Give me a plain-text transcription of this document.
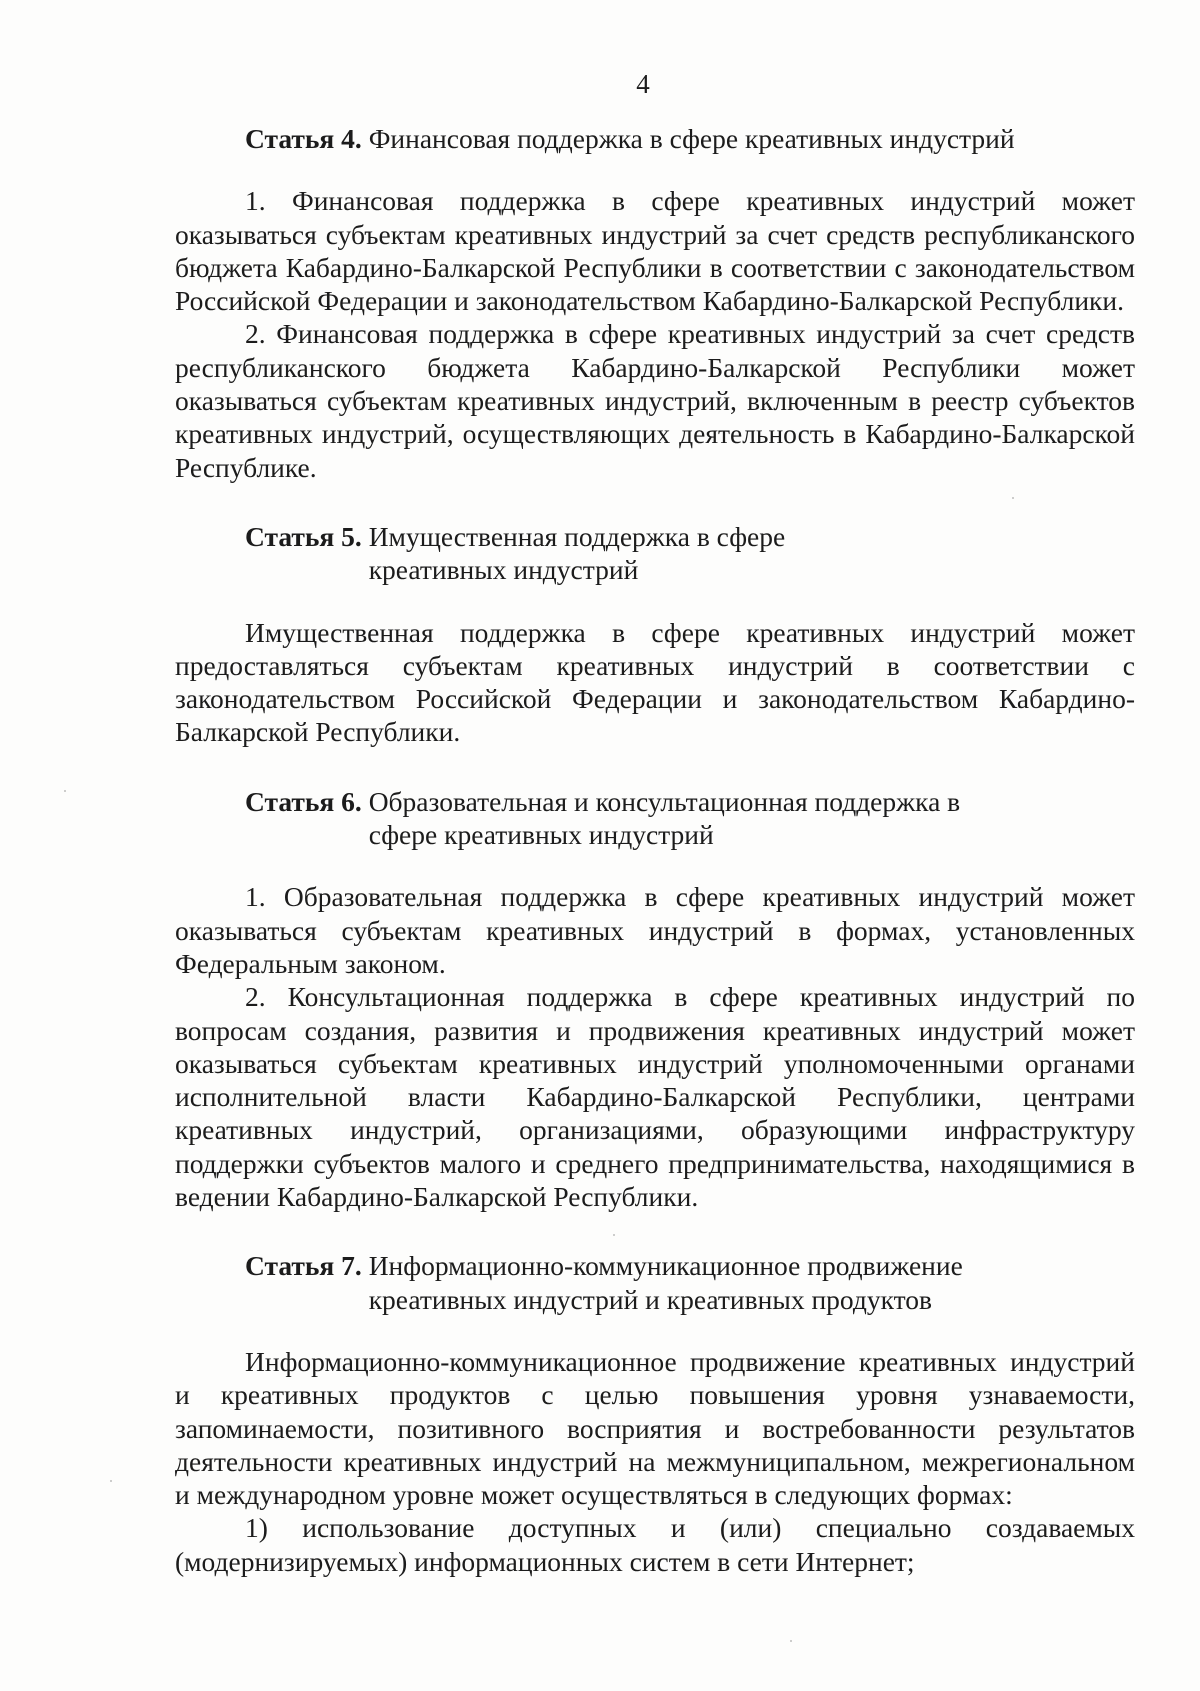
4
Статья 4. Финансовая поддержка в сфере креативных индустрий

1. Финансовая поддержка в сфере креативных индустрий может оказываться субъектам креативных индустрий за счет средств республиканского бюджета Кабардино-Балкарской Республики в соответствии с законодательством Российской Федерации и законодательством Кабардино-Балкарской Республики.

2. Финансовая поддержка в сфере креативных индустрий за счет средств республиканского бюджета Кабардино-Балкарской Республики может оказываться субъектам креативных индустрий, включенным в реестр субъектов креативных индустрий, осуществляющих деятельность в Кабардино-Балкарской Республике.

Статья 5. Имущественная поддержка в сфере креативных индустрий

Имущественная поддержка в сфере креативных индустрий может предоставляться субъектам креативных индустрий в соответствии с законодательством Российской Федерации и законодательством Кабардино-Балкарской Республики.

Статья 6. Образовательная и консультационная поддержка в сфере креативных индустрий

1. Образовательная поддержка в сфере креативных индустрий может оказываться субъектам креативных индустрий в формах, установленных Федеральным законом.

2. Консультационная поддержка в сфере креативных индустрий по вопросам создания, развития и продвижения креативных индустрий может оказываться субъектам креативных индустрий уполномоченными органами исполнительной власти Кабардино-Балкарской Республики, центрами креативных индустрий, организациями, образующими инфраструктуру поддержки субъектов малого и среднего предпринимательства, находящимися в ведении Кабардино-Балкарской Республики.

Статья 7. Информационно-коммуникационное продвижение креативных индустрий и креативных продуктов

Информационно-коммуникационное продвижение креативных индустрий и креативных продуктов с целью повышения уровня узнаваемости, запоминаемости, позитивного восприятия и востребованности результатов деятельности креативных индустрий на межмуниципальном, межрегиональном и международном уровне может осуществляться в следующих формах:

1) использование доступных и (или) специально создаваемых (модернизируемых) информационных систем в сети Интернет;
